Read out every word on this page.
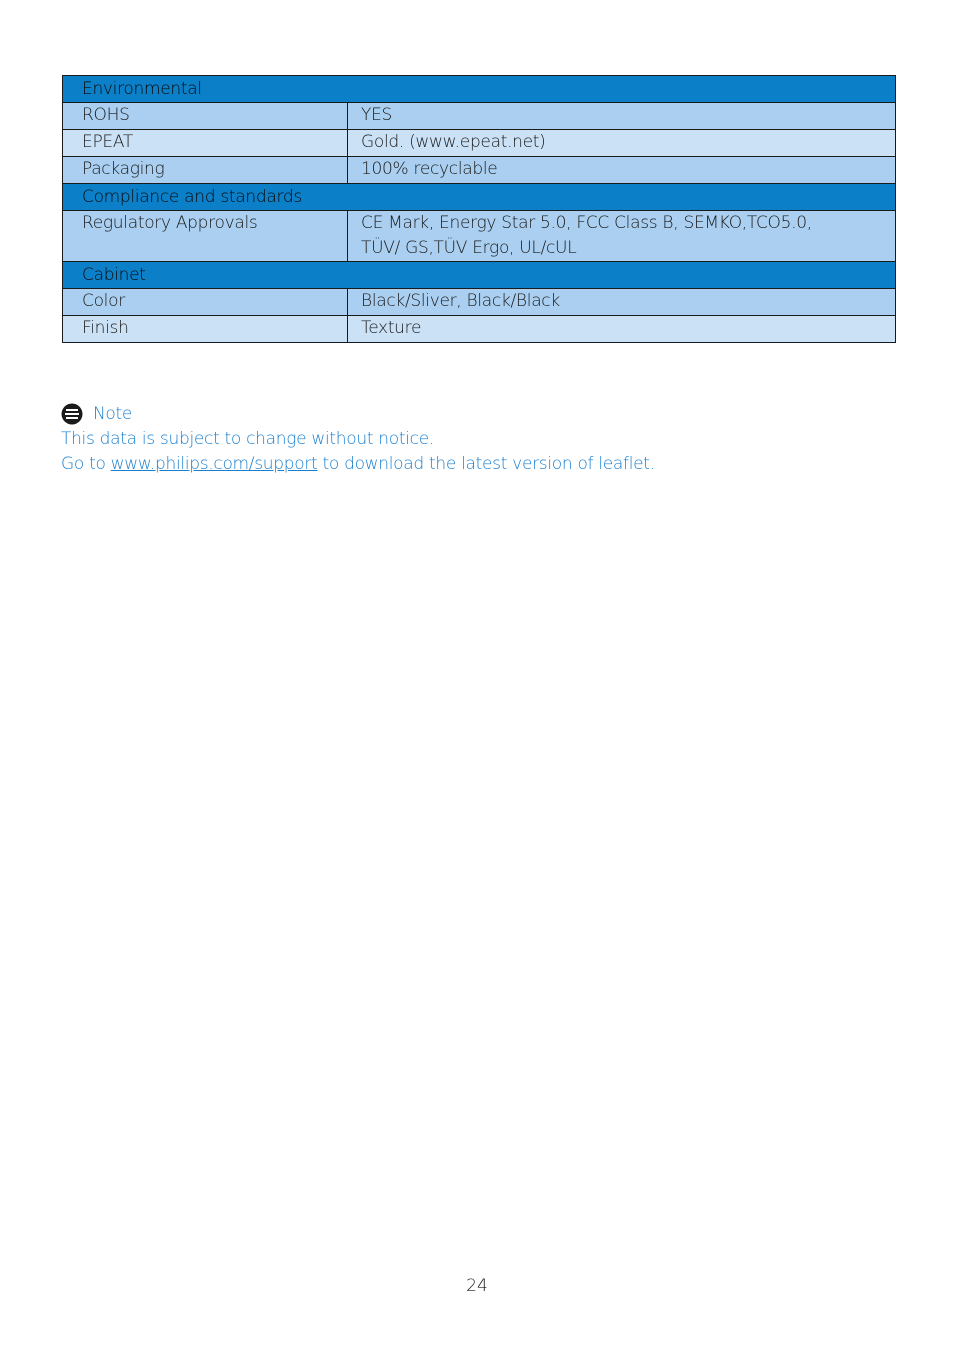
Environmental	
ROHS	YES
EPEAT	Gold. (www.epeat.net)
Packaging	100% recyclable
Compliance and standards	
Regulatory Approvals	CE Mark, Energy Star 5.0, FCC Class B, SEMKO,TCO5.0,
TÜV/ GS,TÜV Ergo, UL/cUL

Cabinet	
Color	Black/Sliver, Black/Black
Finish	Texture
Note
This data is subject to change without notice.
Go to www.philips.com/support to download the latest version of leaflet.
24
